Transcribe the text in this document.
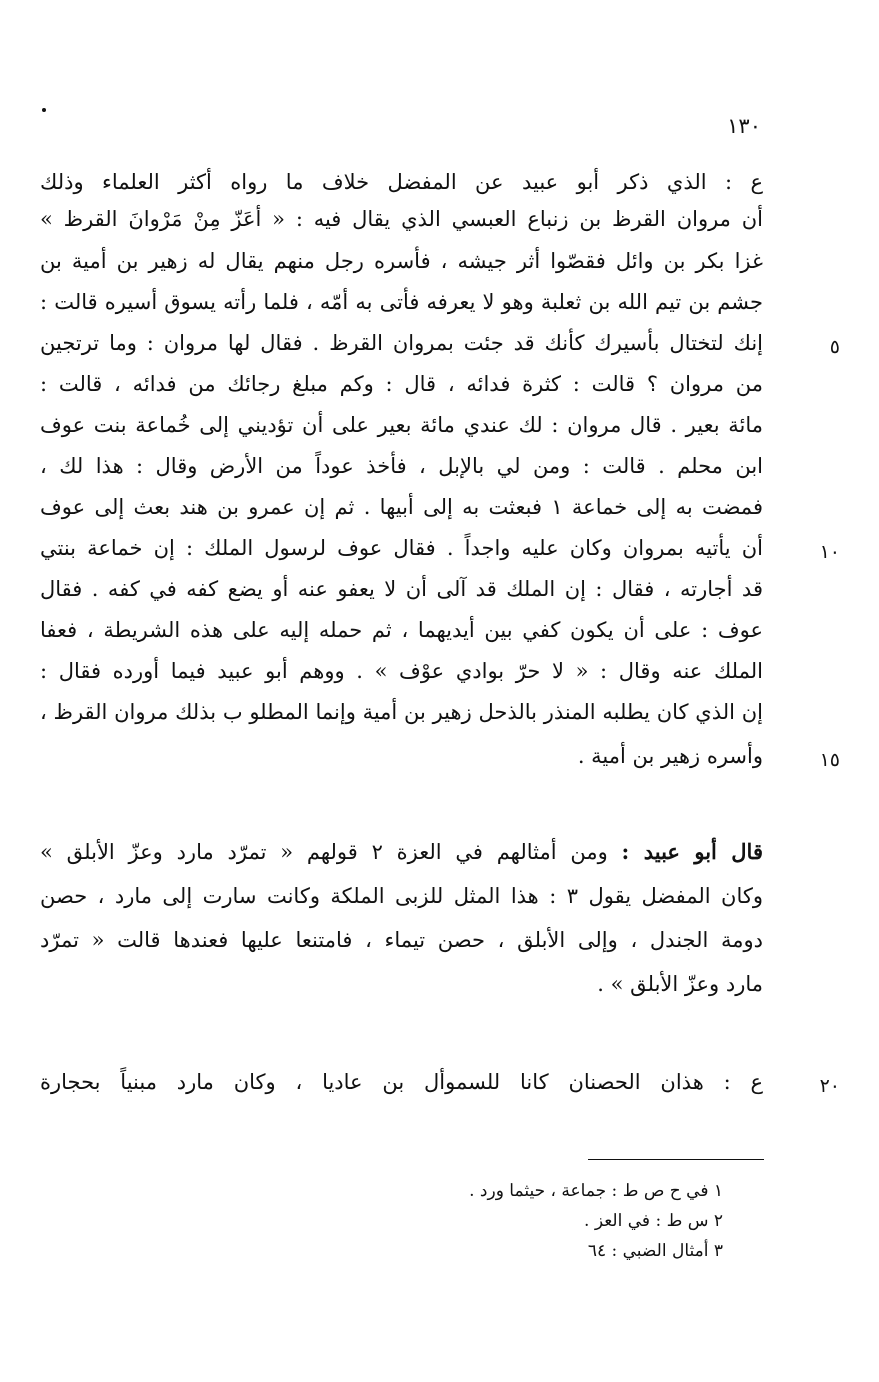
١٣٠
ع : الذي ذكر أبو عبيد عن المفضل خلاف ما رواه أكثر العلماء وذلك
أن مروان القرظ بن زنباع العبسي الذي يقال فيه : « أعَزّ مِنْ مَرْوانَ القرظ »
غزا بكر بن وائل فقصّوا أثر جيشه ، فأسره رجل منهم يقال له زهير بن أمية بن
جشم بن تيم الله بن ثعلبة وهو لا يعرفه فأتى به أمّه ، فلما رأته يسوق أسيره قالت :
إنك لتختال بأسيرك كأنك قد جئت بمروان القرظ . فقال لها مروان : وما ترتجين
من مروان ؟ قالت : كثرة فدائه ، قال : وكم مبلغ رجائك من فدائه ، قالت :
مائة بعير . قال مروان : لك عندي مائة بعير على أن تؤديني إلى خُماعة بنت عوف
ابن محلم . قالت : ومن لي بالإبل ، فأخذ عوداً من الأرض وقال : هذا لك ،
فمضت به إلى خماعة ١ فبعثت به إلى أبيها . ثم إن عمرو بن هند بعث إلى عوف
أن يأتيه بمروان وكان عليه واجداً . فقال عوف لرسول الملك : إن خماعة بنتي
قد أجارته ، فقال : إن الملك قد آلى أن لا يعفو عنه أو يضع كفه في كفه . فقال
عوف : على أن يكون كفي بين أيديهما ، ثم حمله إليه على هذه الشريطة ، فعفا
الملك عنه وقال : « لا حرّ بوادي عوْف » . ووهم أبو عبيد فيما أورده فقال :
إن الذي كان يطلبه المنذر بالذحل زهير بن أمية وإنما المطلو ب بذلك مروان القرظ ،
وأسره زهير بن أمية .
قال أبو عبيد : ومن أمثالهم في العزة ٢ قولهم « تمرّد مارد وعزّ الأبلق »
وكان المفضل يقول ٣ : هذا المثل للزبى الملكة وكانت سارت إلى مارد ، حصن
دومة الجندل ، وإلى الأبلق ، حصن تيماء ، فامتنعا عليها فعندها قالت « تمرّد
مارد وعزّ الأبلق » .
ع : هذان الحصنان كانا للسموأل بن عاديا ، وكان مارد مبنياً بحجارة
٥
١٠
١٥
٢٠
١ في ح ص ط : جماعة ، حيثما ورد .
٢ س ط : في العز .
٣ أمثال الضبي : ٦٤
